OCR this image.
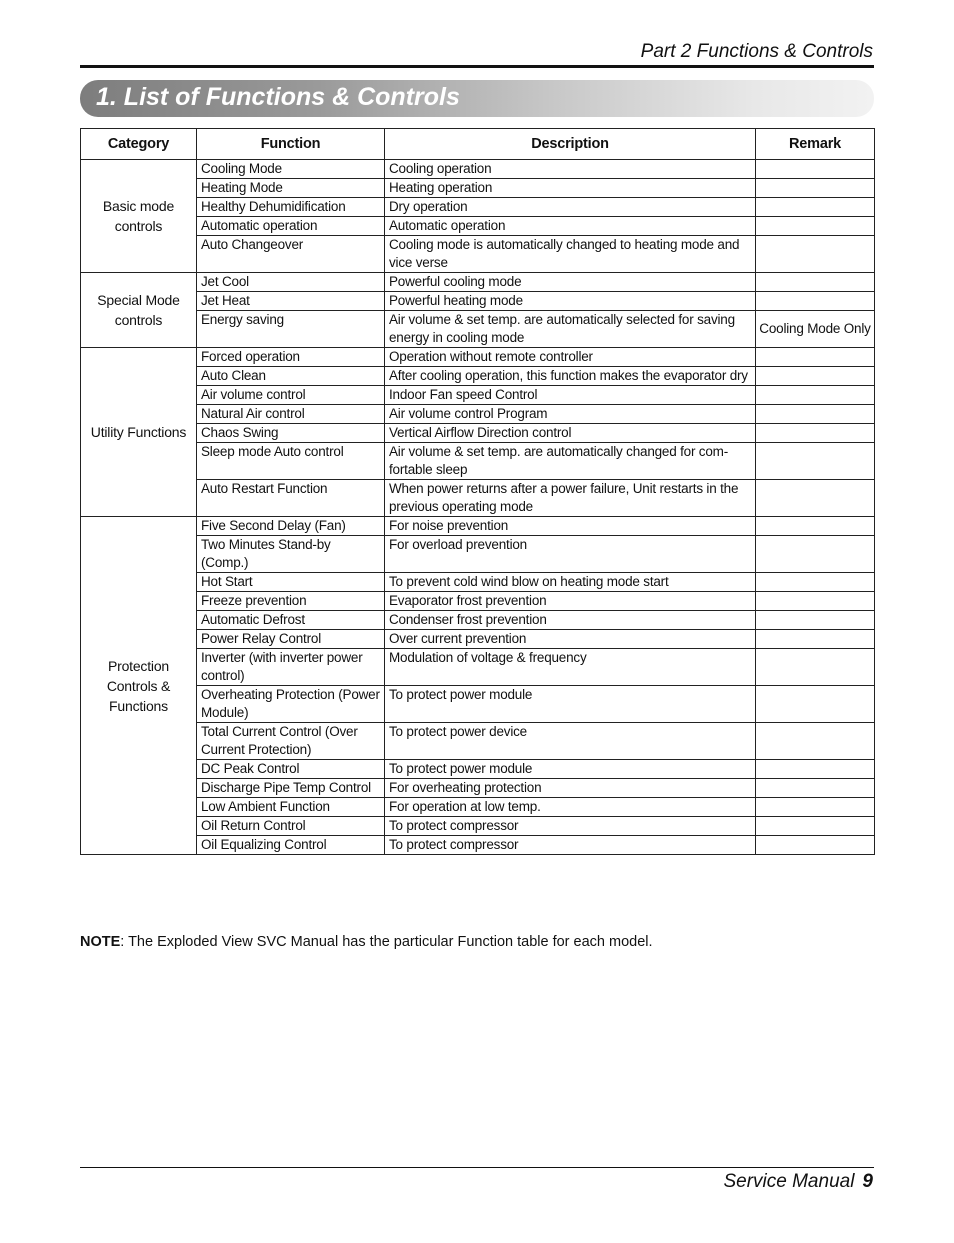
Part 2 Functions & Controls
1. List of Functions & Controls
Category	Function	Description	Remark
Basic mode controls	Cooling Mode	Cooling operation	
	Heating Mode	Heating operation	
	Healthy Dehumidification	Dry operation	
	Automatic operation	Automatic operation	
	Auto Changeover	Cooling mode is automatically changed to heating mode and vice verse	
Special Mode controls	Jet Cool	Powerful cooling mode	
	Jet Heat	Powerful heating mode	
	Energy saving	Air volume & set temp. are automatically selected for saving energy in cooling mode	Cooling Mode Only
Utility Functions	Forced operation	Operation without remote controller	
	Auto Clean	After cooling operation, this function makes the evaporator dry	
	Air volume control	Indoor Fan speed Control	
	Natural Air control	Air volume control Program	
	Chaos Swing	Vertical Airflow Direction control	
	Sleep mode Auto control	Air volume & set temp. are automatically changed for com-fortable sleep	
	Auto Restart Function	When power returns after a power failure, Unit restarts in the previous operating mode	
Protection Controls & Functions	Five Second Delay (Fan)	For noise prevention	
	Two Minutes Stand-by (Comp.)	For overload prevention	
	Hot Start	To prevent cold wind blow on heating mode start	
	Freeze prevention	Evaporator frost prevention	
	Automatic Defrost	Condenser frost prevention	
	Power Relay Control	Over current prevention	
	Inverter (with inverter power control)	Modulation of voltage & frequency	
	Overheating Protection (Power Module)	To protect power module	
	Total Current Control (Over Current Protection)	To protect power device	
	DC Peak Control	To protect power module	
	Discharge Pipe Temp Control	For overheating protection	
	Low Ambient Function	For operation at low temp.	
	Oil Return Control	To protect compressor	
	Oil Equalizing Control	To protect compressor	
NOTE: The Exploded View SVC Manual has the particular Function table for each model.
Service Manual 9
